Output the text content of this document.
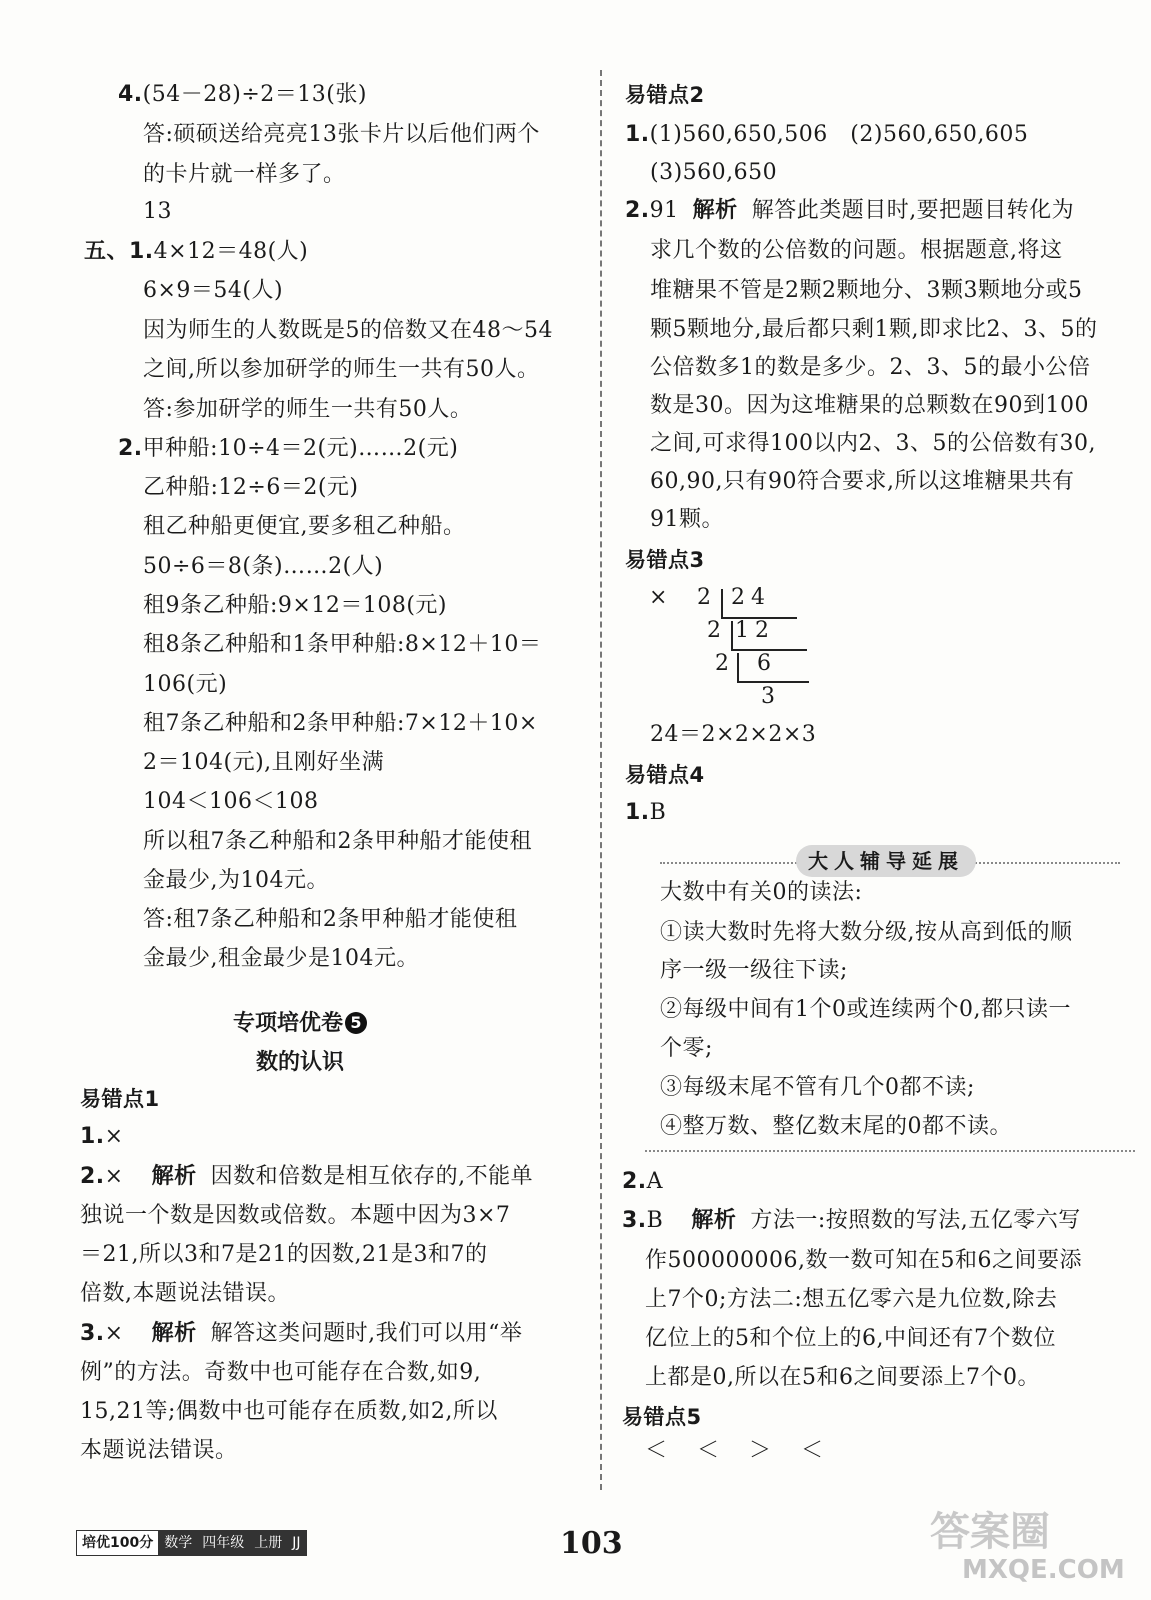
4.(54－28)÷2＝13(张)
答:硕硕送给亮亮13张卡片以后他们两个
的卡片就一样多了。
13
五、1.4×12＝48(人)
6×9＝54(人)
因为师生的人数既是5的倍数又在48～54
之间,所以参加研学的师生一共有50人。
答:参加研学的师生一共有50人。
2.甲种船:10÷4＝2(元)……2(元)
乙种船:12÷6＝2(元)
租乙种船更便宜,要多租乙种船。
50÷6＝8(条)……2(人)
租9条乙种船:9×12＝108(元)
租8条乙种船和1条甲种船:8×12＋10＝
106(元)
租7条乙种船和2条甲种船:7×12＋10×
2＝104(元),且刚好坐满
104＜106＜108
所以租7条乙种船和2条甲种船才能使租
金最少,为104元。
答:租7条乙种船和2条甲种船才能使租
金最少,租金最少是104元。
专项培优卷 5
数的认识
易错点1
1.×
2.× 解析 因数和倍数是相互依存的,不能单
独说一个数是因数或倍数。本题中因为3×7
＝21,所以3和7是21的因数,21是3和7的
倍数,本题说法错误。
3.× 解析 解答这类问题时,我们可以用“举
例”的方法。奇数中也可能存在合数,如9,
15,21等;偶数中也可能存在质数,如2,所以
本题说法错误。
易错点2
1.(1)560,650,506　(2)560,650,605
(3)560,650
2.91 解析 解答此类题目时,要把题目转化为
求几个数的公倍数的问题。根据题意,将这
堆糖果不管是2颗2颗地分、3颗3颗地分或5
颗5颗地分,最后都只剩1颗,即求比2、3、5的
公倍数多1的数是多少。2、3、5的最小公倍
数是30。因为这堆糖果的总颗数在90到100
之间,可求得100以内2、3、5的公倍数有30,
60,90,只有90符合要求,所以这堆糖果共有
91颗。
易错点3
× 2 24
2 12
2 6
3
24＝2×2×2×3
易错点4
1.B
大人辅导延展
大数中有关0的读法:
①读大数时先将大数分级,按从高到低的顺
序一级一级往下读;
②每级中间有1个0或连续两个0,都只读一
个零;
③每级末尾不管有几个0都不读;
④整万数、整亿数末尾的0都不读。
2.A
3.B 解析 方法一:按照数的写法,五亿零六写
作500000006,数一数可知在5和6之间要添
上7个0;方法二:想五亿零六是九位数,除去
亿位上的5和个位上的6,中间还有7个数位
上都是0,所以在5和6之间要添上7个0。
易错点5
＜　＜　＞　＜
培优100分 数学 四年级 上册 JJ	103	答案圈
MXQE.COM
